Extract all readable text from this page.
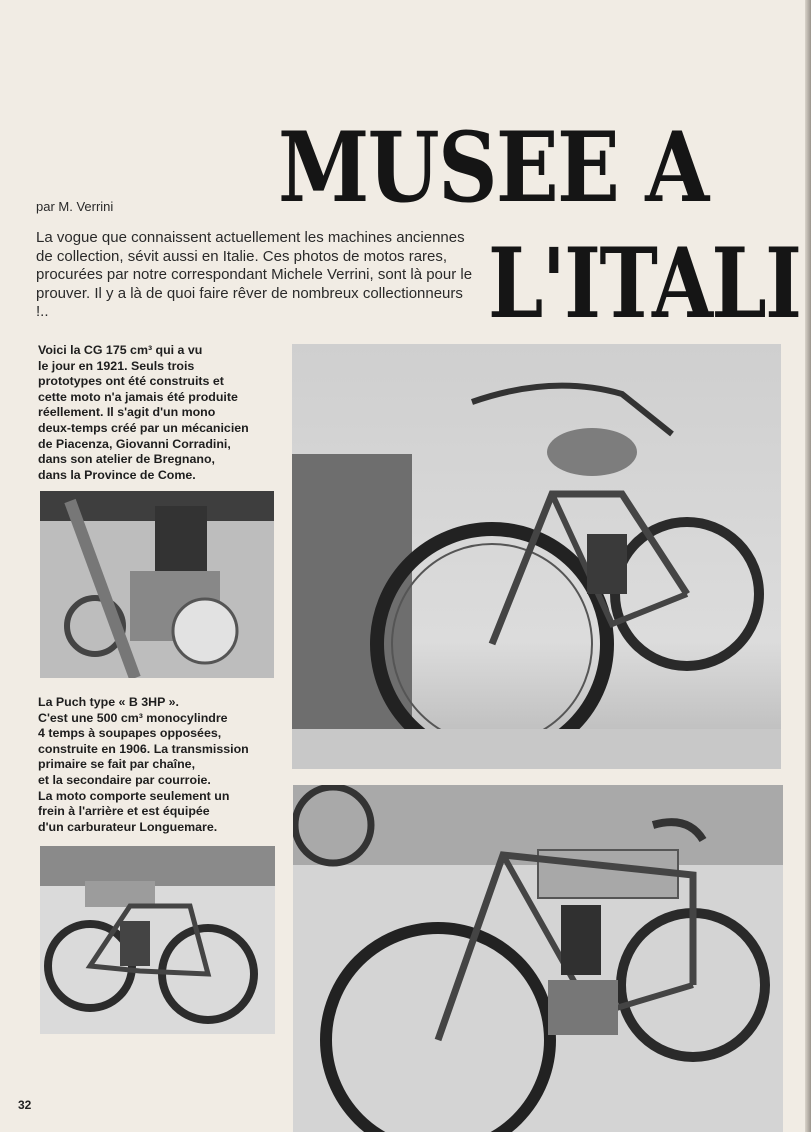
MUSEE A
L'ITALI
par M. Verrini
La vogue que connaissent actuellement les machines anciennes de collection, sévit aussi en Italie. Ces photos de motos rares, procurées par notre correspondant Michele Verrini, sont là pour le prouver. Il y a là de quoi faire rêver de nombreux collectionneurs !..
Voici la CG 175 cm³ qui a vu
le jour en 1921. Seuls trois
prototypes ont été construits et
cette moto n'a jamais été produite
réellement. Il s'agit d'un mono
deux-temps créé par un mécanicien
de Piacenza, Giovanni Corradini,
dans son atelier de Bregnano,
dans la Province de Come.
La Puch type « B 3HP ».
C'est une 500 cm³ monocylindre
4 temps à soupapes opposées,
construite en 1906. La transmission
primaire se fait par chaîne,
et la secondaire par courroie.
La moto comporte seulement un
frein à l'arrière et est équipée
d'un carburateur Longuemare.
32
